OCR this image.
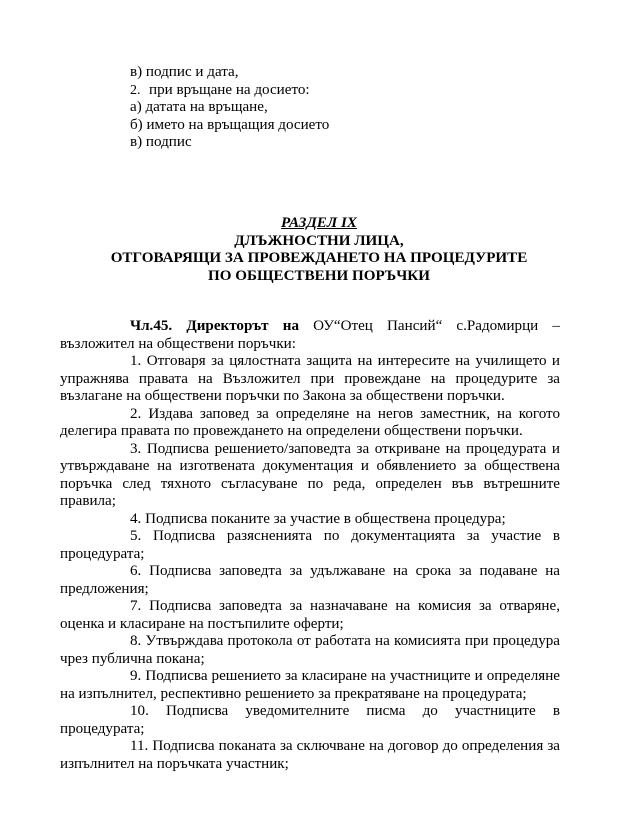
в) подпис и дата,
2. при връщане на досието:
а) датата на връщане,
б) името на връщащия досието
в) подпис
РАЗДЕЛ IX
ДЛЪЖНОСТНИ ЛИЦА,
ОТГОВАРЯЩИ ЗА ПРОВЕЖДАНЕТО НА ПРОЦЕДУРИТЕ
ПО ОБЩЕСТВЕНИ ПОРЪЧКИ
Чл.45. Директорът на ОУ“Отец Пансий“ с.Радомирци –

възложител на обществени поръчки:

1. Отговаря за цялостната защита на интересите на училището и упражнява правата на Възложител при провеждане на процедурите за възлагане на обществени поръчки по Закона за обществени поръчки.

2. Издава заповед за определяне на негов заместник, на когото делегира правата по провеждането на определени обществени поръчки.

3. Подписва решението/заповедта за откриване на процедурата и утвърждаване на изготвената документация и обявлението за обществена поръчка след тяхното съгласуване по реда, определен във вътрешните правила;

4. Подписва поканите за участие в обществена процедура;

5. Подписва разясненията по документацията за участие в процедурата;

6. Подписва заповедта за удължаване на срока за подаване на предложения;

7. Подписва заповедта за назначаване на комисия за отваряне, оценка и класиране на постъпилите оферти;

8. Утвърждава протокола от работата на комисията при процедура чрез публична покана;

9. Подписва решението за класиране на участниците и определяне на изпълнител, респективно решението за прекратяване на процедурата;

10. Подписва уведомителните писма до участниците в процедурата;

11. Подписва поканата за сключване на договор до определения за изпълнител на поръчката участник;
